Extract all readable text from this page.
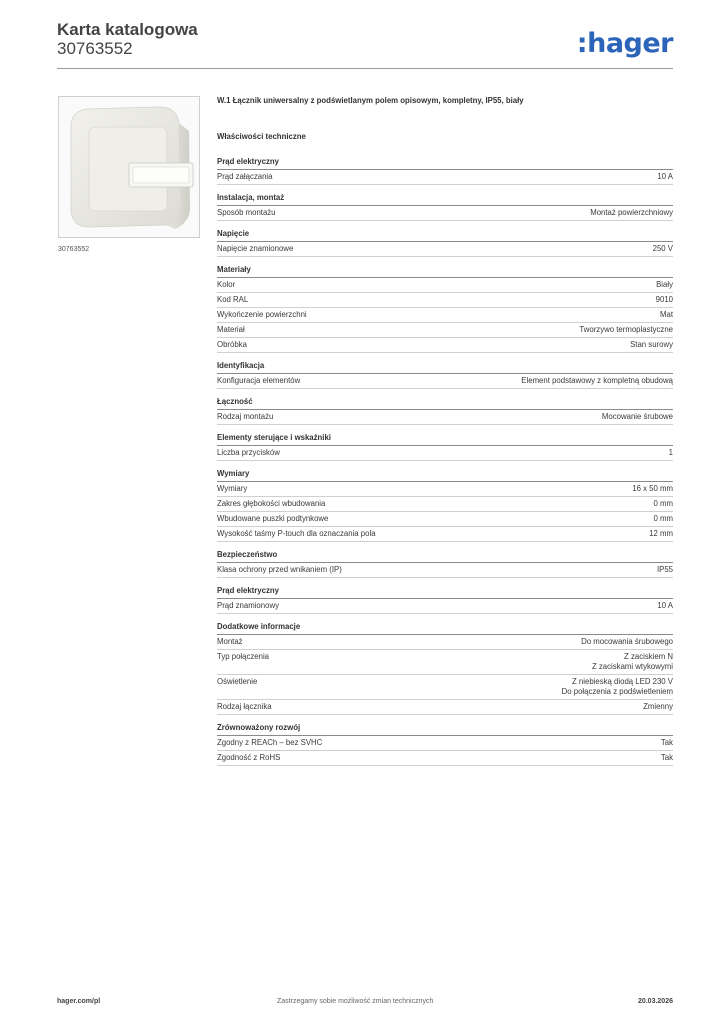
Karta katalogowa
30763552	:hager
30763552
W.1 Łącznik uniwersalny z podświetlanym polem opisowym, kompletny, IP55, biały
Właściwości techniczne
Prąd elektryczny
Prąd załączania	10 A
Instalacja, montaż
Sposób montażu	Montaż powierzchniowy
Napięcie
Napięcie znamionowe	250 V
Materiały
Kolor	Biały
Kod RAL	9010
Wykończenie powierzchni	Mat
Materiał	Tworzywo termoplastyczne
Obróbka	Stan surowy
Identyfikacja
Konfiguracja elementów	Element podstawowy z kompletną obudową
Łączność
Rodzaj montażu	Mocowanie śrubowe
Elementy sterujące i wskaźniki
Liczba przycisków	1
Wymiary
Wymiary	16 x 50 mm
Zakres głębokości wbudowania	0 mm
Wbudowane puszki podtynkowe	0 mm
Wysokość taśmy P-touch dla oznaczania pola	12 mm
Bezpieczeństwo
Klasa ochrony przed wnikaniem (IP)	IP55
Prąd elektryczny
Prąd znamionowy	10 A
Dodatkowe informacje
Montaż	Do mocowania śrubowego
Typ połączenia	Z zaciskiem N
Z zaciskami wtykowymi
Oświetlenie	Z niebieską diodą LED 230 V
Do połączenia z podświetleniem
Rodzaj łącznika	Zmienny
Zrównoważony rozwój
Zgodny z REACh – bez SVHC	Tak
Zgodność z RoHS	Tak
hager.com/pl	Zastrzegamy sobie możliwość zmian technicznych	20.03.2026
